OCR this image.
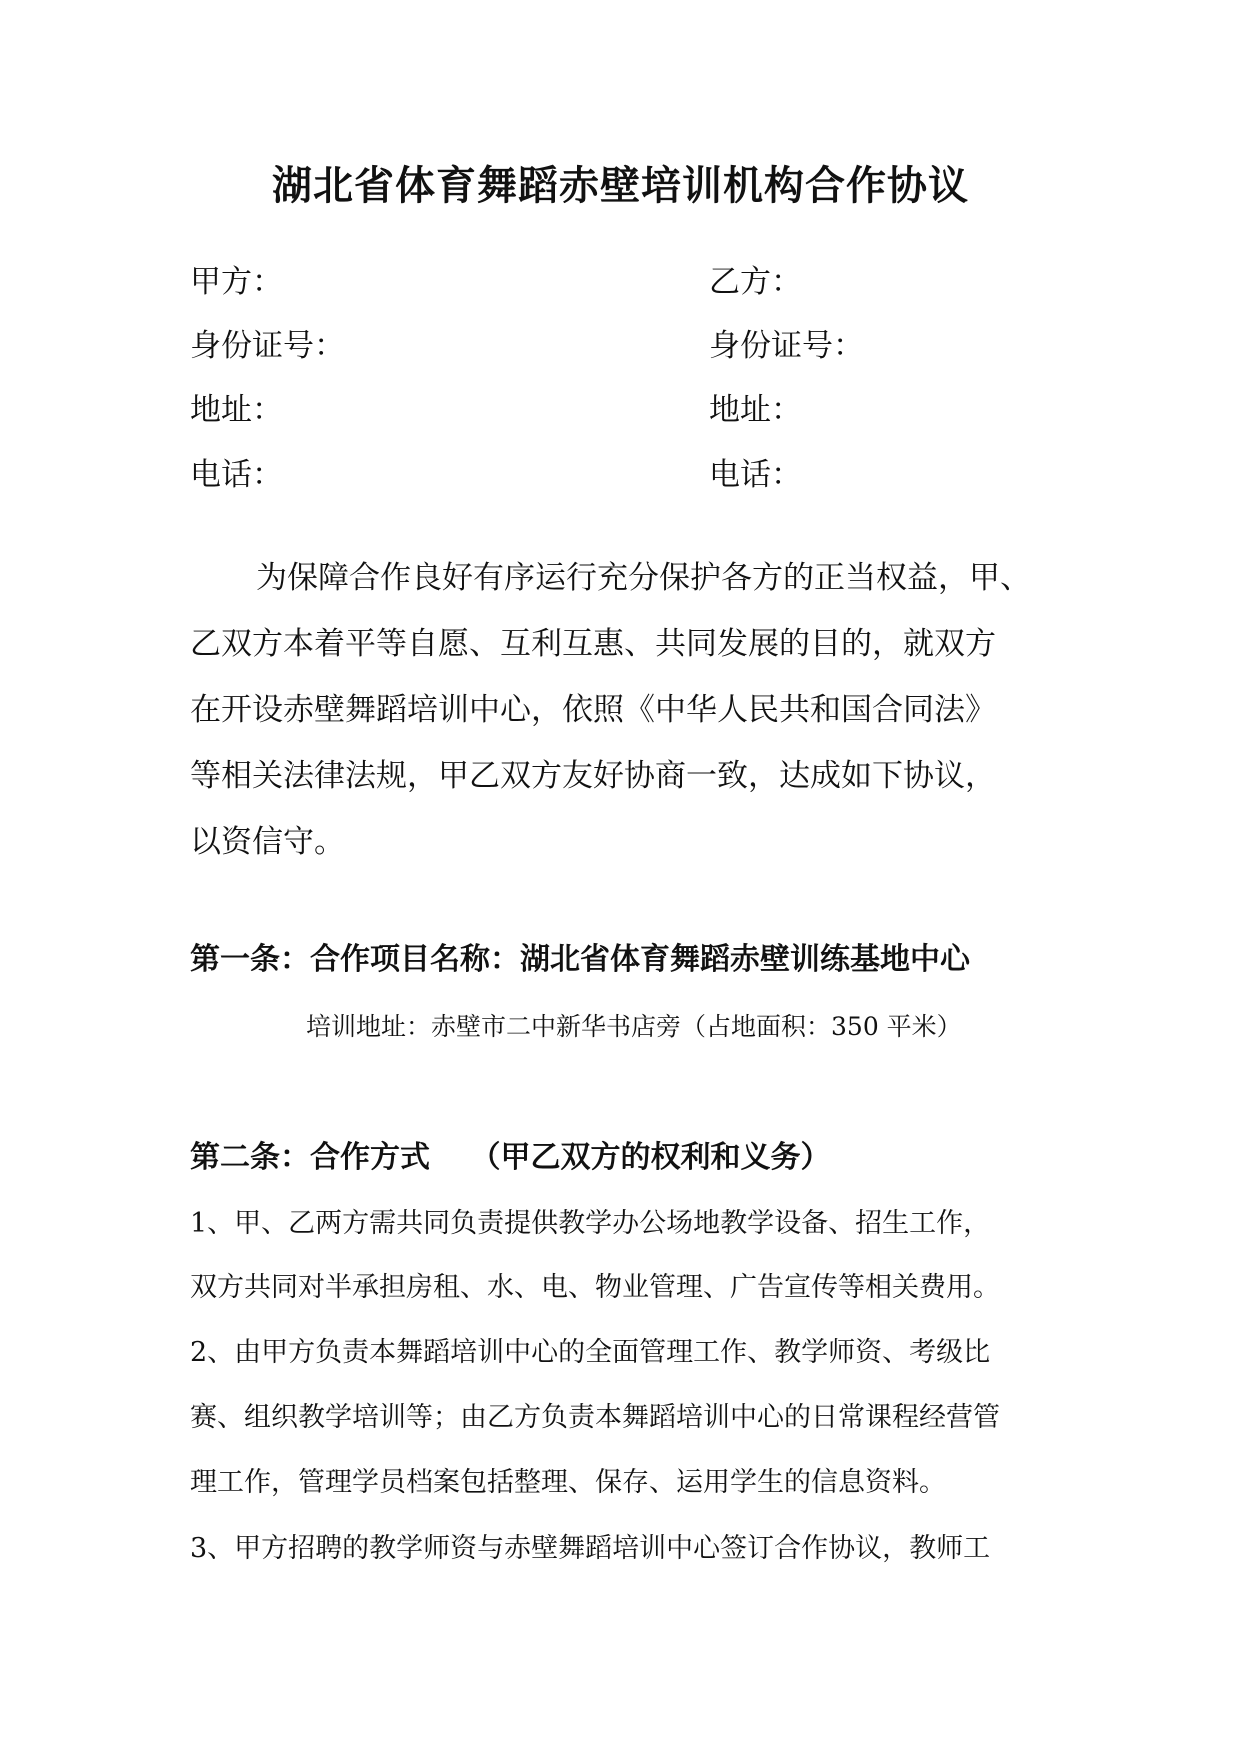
湖北省体育舞蹈赤壁培训机构合作协议
甲方：	乙方：
身份证号：	身份证号：
地址：	地址：
电话：	电话：
为保障合作良好有序运行充分保护各方的正当权益，甲、
乙双方本着平等自愿、互利互惠、共同发展的目的，就双方
在开设赤壁舞蹈培训中心，依照《中华人民共和国合同法》
等相关法律法规，甲乙双方友好协商一致，达成如下协议，
以资信守。
第一条：合作项目名称：湖北省体育舞蹈赤壁训练基地中心
培训地址：赤壁市二中新华书店旁（占地面积：350 平米）
第二条：合作方式　 （甲乙双方的权利和义务）
1、甲、乙两方需共同负责提供教学办公场地教学设备、招生工作，
双方共同对半承担房租、水、电、物业管理、广告宣传等相关费用。
2、由甲方负责本舞蹈培训中心的全面管理工作、教学师资、考级比
赛、组织教学培训等；由乙方负责本舞蹈培训中心的日常课程经营管
理工作，管理学员档案包括整理、保存、运用学生的信息资料。
3、甲方招聘的教学师资与赤壁舞蹈培训中心签订合作协议，教师工
